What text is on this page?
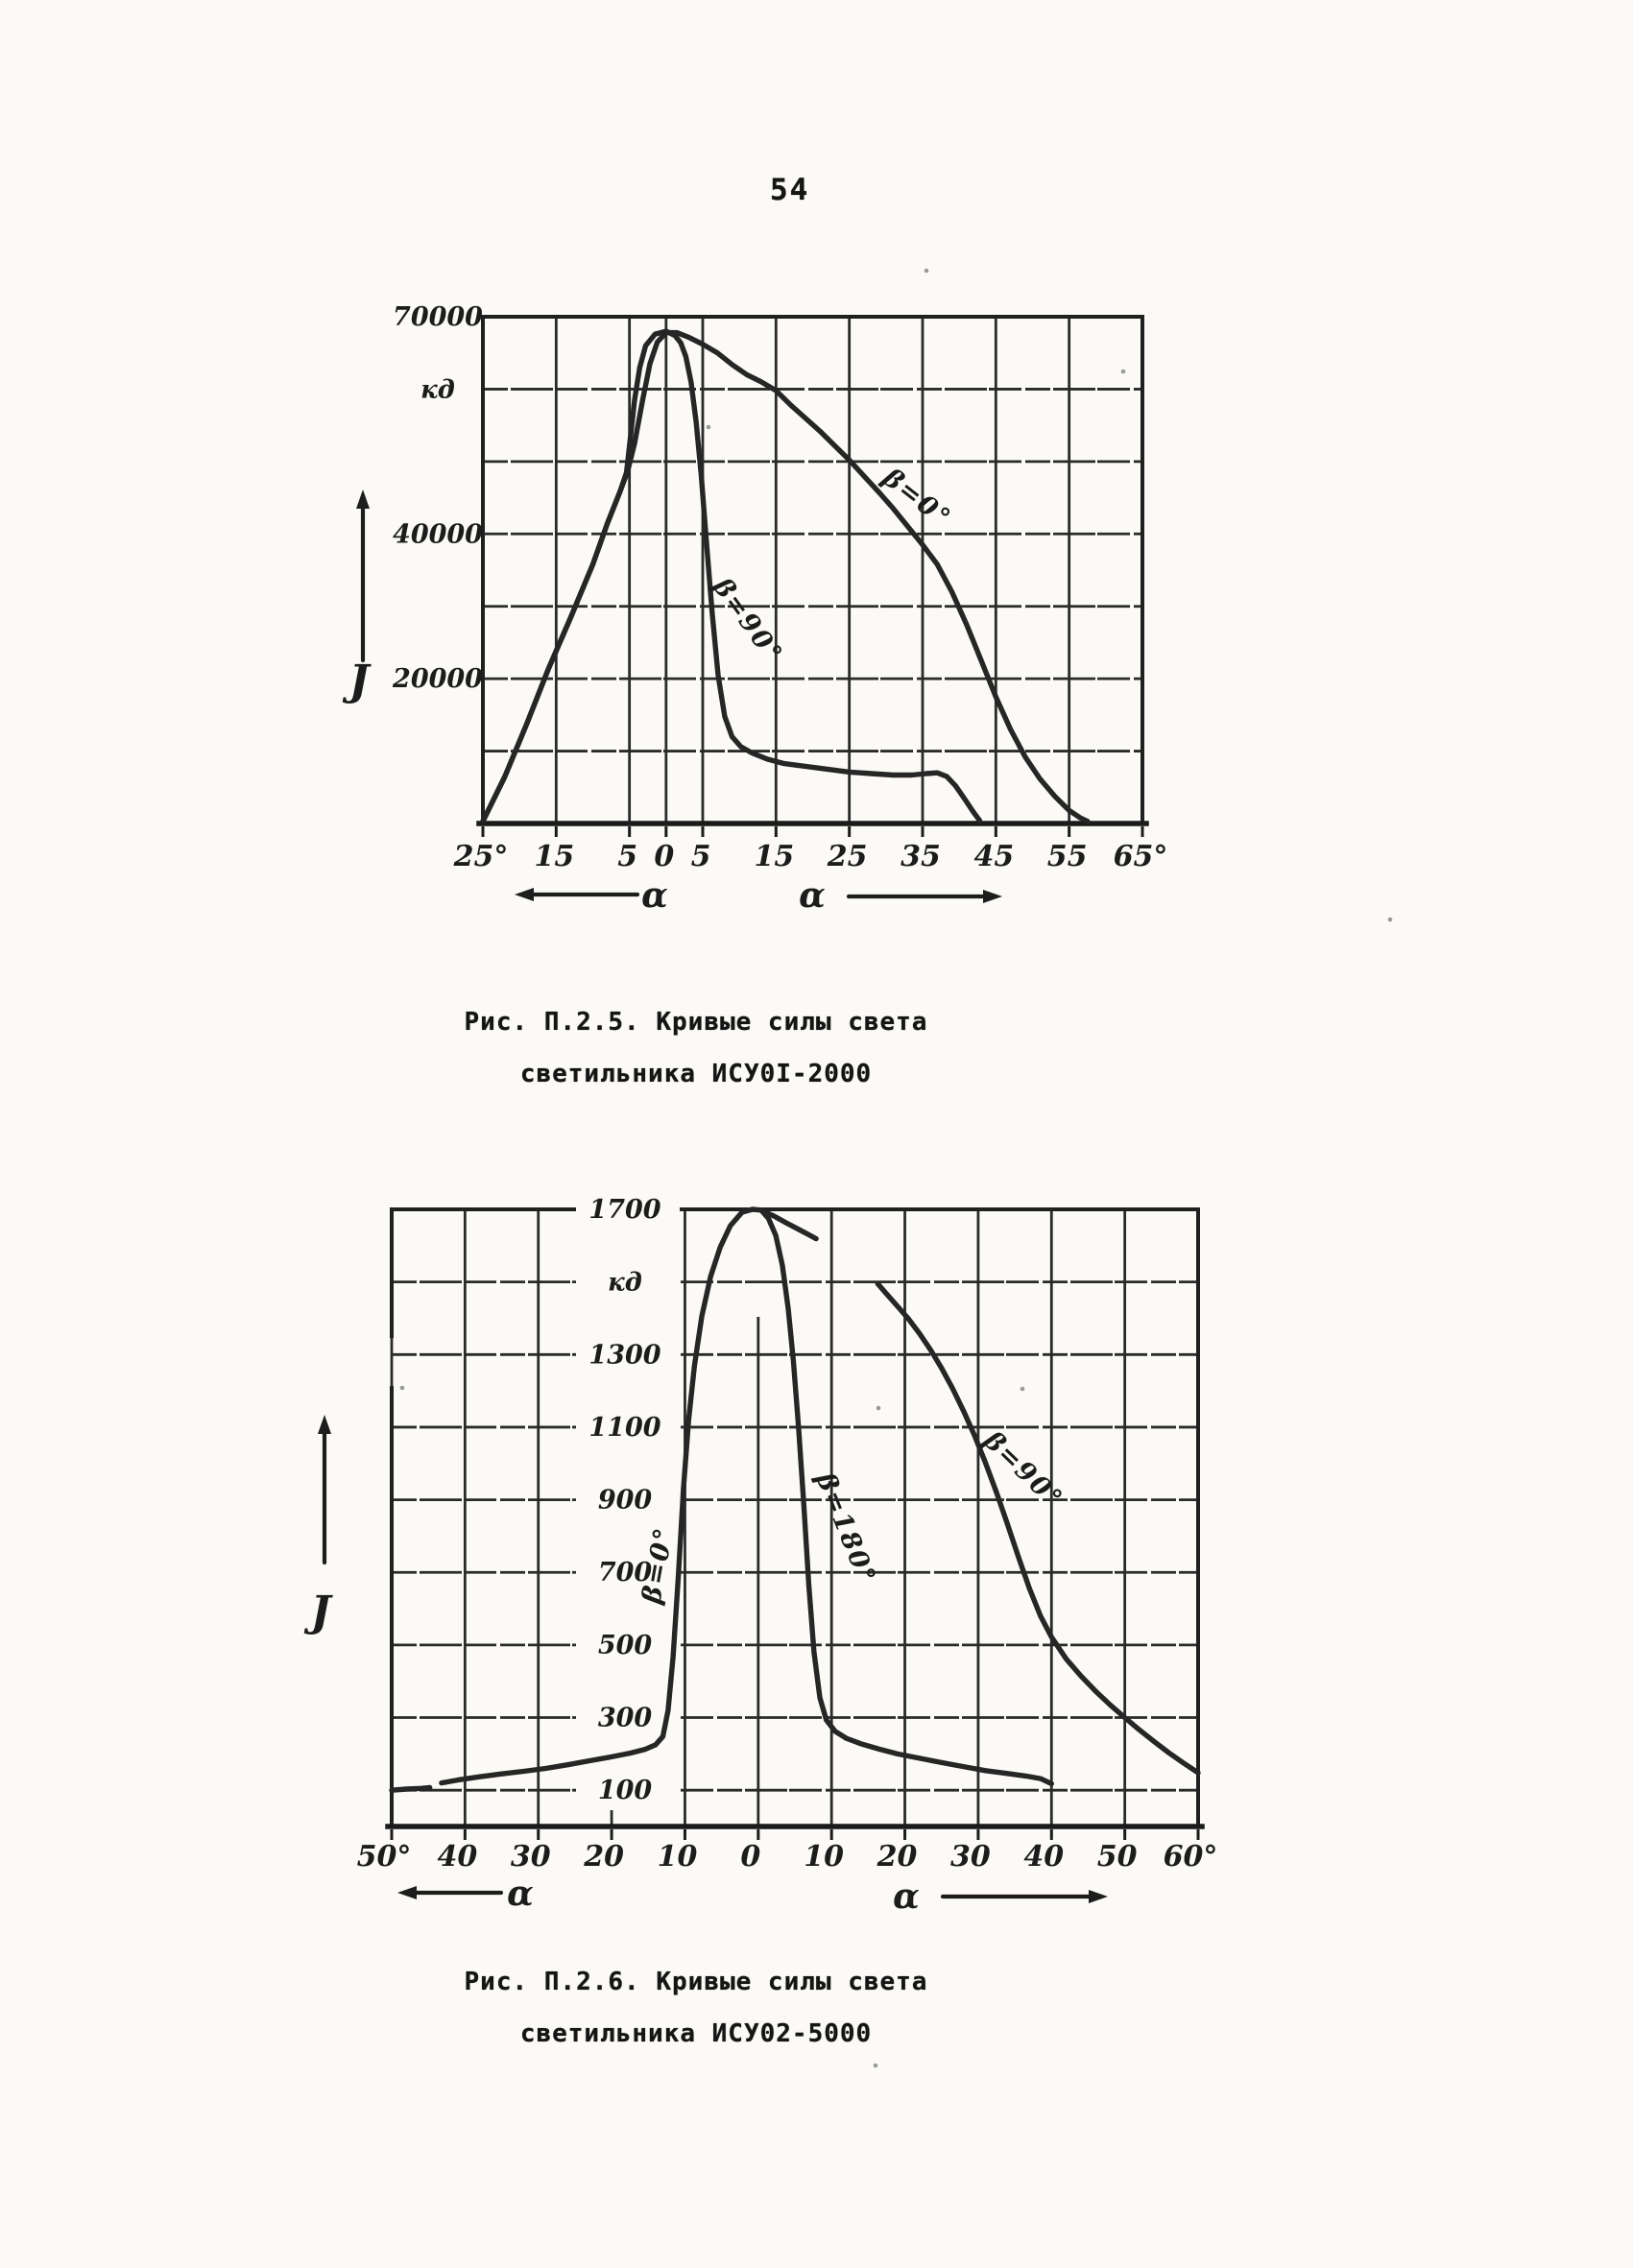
54
70000
кд
40000
20000
25° 15 5 0 5 15 25 35 45 55 65°
β=0°
β=90°
J
α	α
1700
кд
1300
1100
900
700
500
300
100
50° 40 30 20 10 0 10 20 30 40 50 60°
β=0°	β=180°	β=90°
J
α	α
Рис. П.2.5. Кривые силы света
светильника ИСУ0I-2000
Рис. П.2.6. Кривые силы света
светильника ИСУ02-5000
